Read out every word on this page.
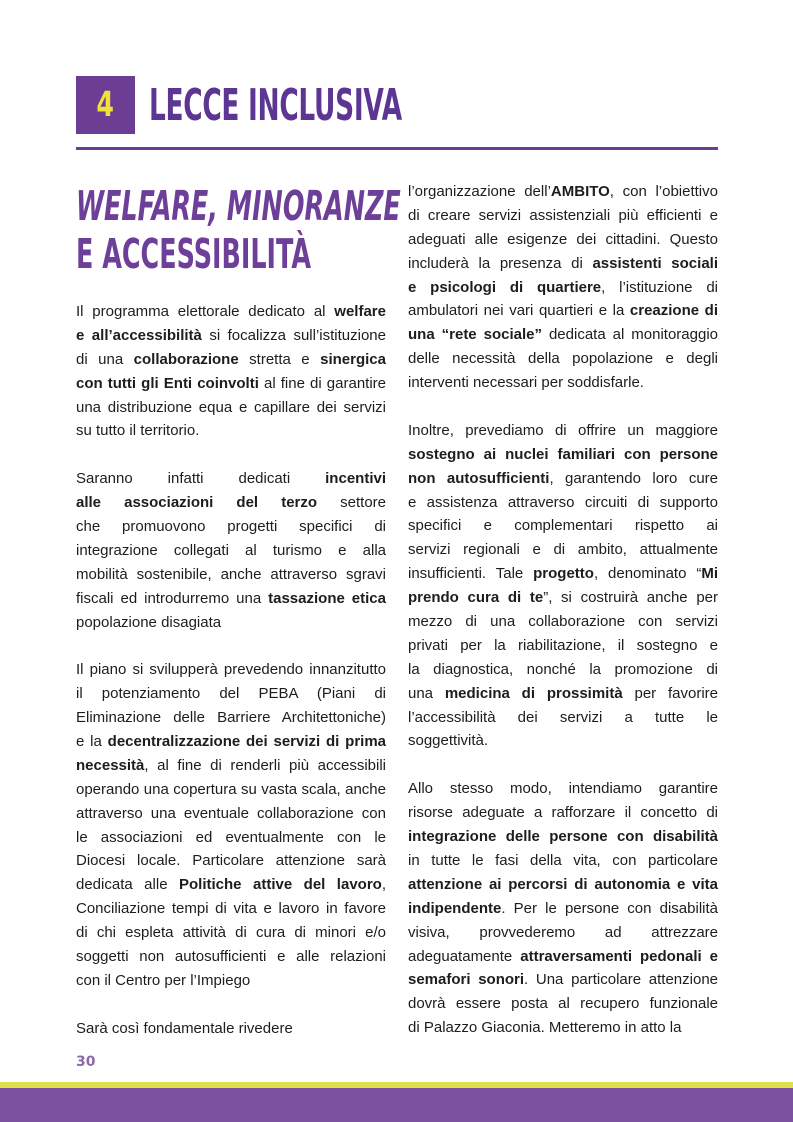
4 LECCE INCLUSIVA
WELFARE, MINORANZE
E ACCESSIBILITÀ
Il programma elettorale dedicato al welfare
e all’accessibilità si focalizza sull’istituzione
di una collaborazione stretta e sinergica
con tutti gli Enti coinvolti al fine di garantire
una distribuzione equa e capillare dei servizi
su tutto il territorio.
Saranno infatti dedicati incentivi
alle associazioni del terzo settore
che promuovono progetti specifici di
integrazione collegati al turismo e alla
mobilità sostenibile, anche attraverso sgravi
fiscali ed introdurremo una tassazione etica
popolazione disagiata
Il piano si svilupperà prevedendo innanzitutto
il potenziamento del PEBA (Piani di
Eliminazione delle Barriere Architettoniche)
e la decentralizzazione dei servizi di prima
necessità, al fine di renderli più accessibili
operando una copertura su vasta scala, anche
attraverso una eventuale collaborazione con
le associazioni ed eventualmente con le
Diocesi locale. Particolare attenzione sarà
dedicata alle Politiche attive del lavoro,
Conciliazione tempi di vita e lavoro in favore
di chi espleta attività di cura di minori e/o
soggetti non autosufficienti e alle relazioni
con il Centro per l’Impiego
Sarà così fondamentale rivedere
l’organizzazione dell’AMBITO, con l’obiettivo
di creare servizi assistenziali più efficienti e
adeguati alle esigenze dei cittadini. Questo
includerà la presenza di assistenti sociali
e psicologi di quartiere, l’istituzione di
ambulatori nei vari quartieri e la creazione di
una “rete sociale” dedicata al monitoraggio
delle necessità della popolazione e degli
interventi necessari per soddisfarle.
Inoltre, prevediamo di offrire un maggiore
sostegno ai nuclei familiari con persone
non autosufficienti, garantendo loro cure
e assistenza attraverso circuiti di supporto
specifici e complementari rispetto ai
servizi regionali e di ambito, attualmente
insufficienti. Tale progetto, denominato “Mi
prendo cura di te”, si costruirà anche per
mezzo di una collaborazione con servizi
privati per la riabilitazione, il sostegno e
la diagnostica, nonché la promozione di
una medicina di prossimità per favorire
l’accessibilità dei servizi a tutte le
soggettività.
Allo stesso modo, intendiamo garantire
risorse adeguate a rafforzare il concetto di
integrazione delle persone con disabilità
in tutte le fasi della vita, con particolare
attenzione ai percorsi di autonomia e vita
indipendente. Per le persone con disabilità
visiva, provvederemo ad attrezzare
adeguatamente attraversamenti pedonali e
semafori sonori. Una particolare attenzione
dovrà essere posta al recupero funzionale
di Palazzo Giaconia. Metteremo in atto la
30
